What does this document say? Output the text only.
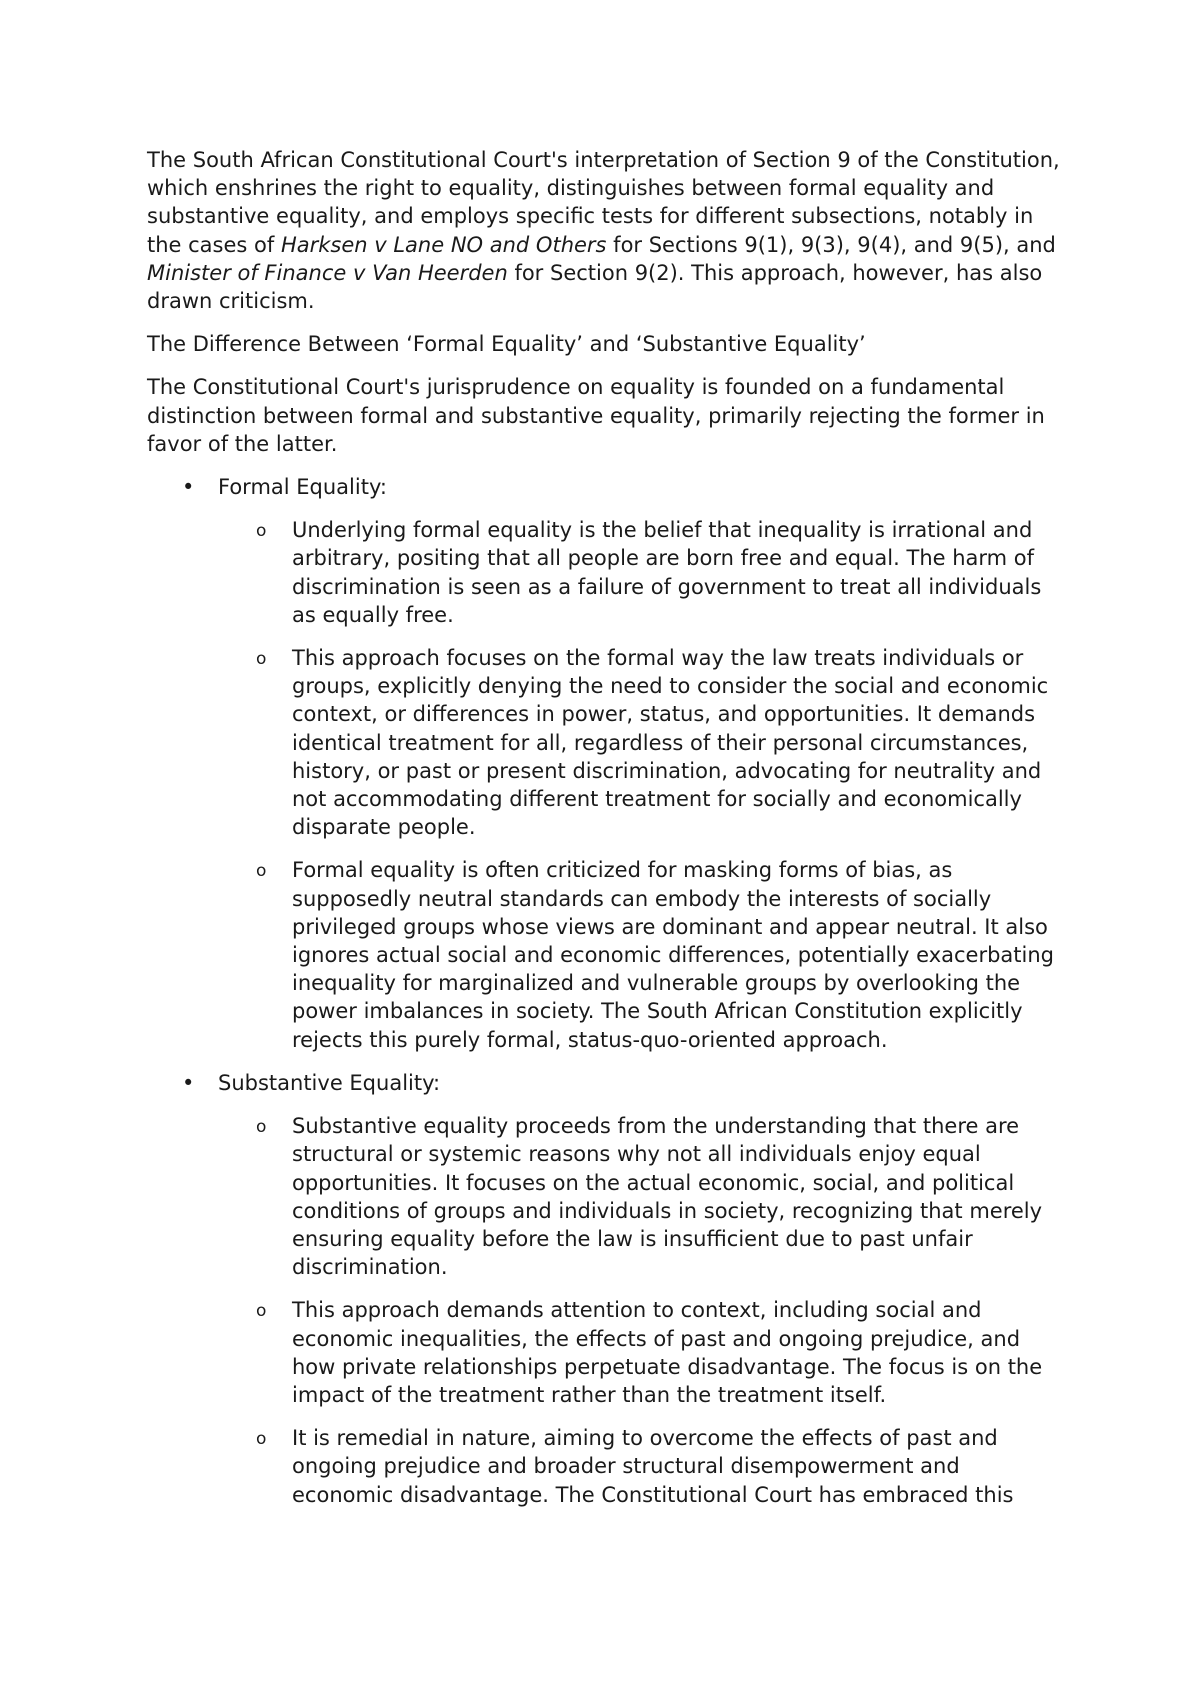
The South African Constitutional Court's interpretation of Section 9 of the Constitution, which enshrines the right to equality, distinguishes between formal equality and substantive equality, and employs specific tests for different subsections, notably in the cases of Harksen v Lane NO and Others for Sections 9(1), 9(3), 9(4), and 9(5), and Minister of Finance v Van Heerden for Section 9(2). This approach, however, has also drawn criticism.

The Difference Between ‘Formal Equality’ and ‘Substantive Equality’

The Constitutional Court's jurisprudence on equality is founded on a fundamental distinction between formal and substantive equality, primarily rejecting the former in favor of the latter.

• Formal Equality:
o Underlying formal equality is the belief that inequality is irrational and arbitrary, positing that all people are born free and equal. The harm of discrimination is seen as a failure of government to treat all individuals as equally free.
o This approach focuses on the formal way the law treats individuals or groups, explicitly denying the need to consider the social and economic context, or differences in power, status, and opportunities. It demands identical treatment for all, regardless of their personal circumstances, history, or past or present discrimination, advocating for neutrality and not accommodating different treatment for socially and economically disparate people.
o Formal equality is often criticized for masking forms of bias, as supposedly neutral standards can embody the interests of socially privileged groups whose views are dominant and appear neutral. It also ignores actual social and economic differences, potentially exacerbating inequality for marginalized and vulnerable groups by overlooking the power imbalances in society. The South African Constitution explicitly rejects this purely formal, status-quo-oriented approach.
• Substantive Equality:
o Substantive equality proceeds from the understanding that there are structural or systemic reasons why not all individuals enjoy equal opportunities. It focuses on the actual economic, social, and political conditions of groups and individuals in society, recognizing that merely ensuring equality before the law is insufficient due to past unfair discrimination.
o This approach demands attention to context, including social and economic inequalities, the effects of past and ongoing prejudice, and how private relationships perpetuate disadvantage. The focus is on the impact of the treatment rather than the treatment itself.
o It is remedial in nature, aiming to overcome the effects of past and ongoing prejudice and broader structural disempowerment and economic disadvantage. The Constitutional Court has embraced this
